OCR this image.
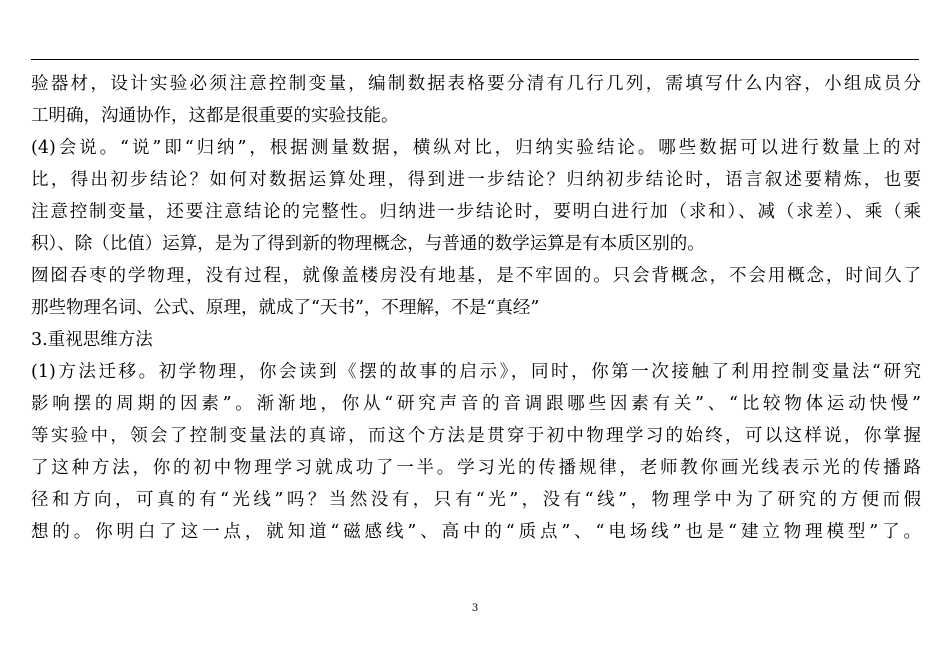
验器材，设计实验必须注意控制变量，编制数据表格要分清有几行几列，需填写什么内容，小组成员分
工明确，沟通协作，这都是很重要的实验技能。
(4)会说。“说”即“归纳”，根据测量数据，横纵对比，归纳实验结论。哪些数据可以进行数量上的对
比，得出初步结论？如何对数据运算处理，得到进一步结论？归纳初步结论时，语言叙述要精炼，也要
注意控制变量，还要注意结论的完整性。归纳进一步结论时，要明白进行加（求和）、减（求差）、乘（乘
积）、除（比值）运算，是为了得到新的物理概念，与普通的数学运算是有本质区别的。
囫囵吞枣的学物理，没有过程，就像盖楼房没有地基，是不牢固的。只会背概念，不会用概念，时间久了
那些物理名词、公式、原理，就成了“天书”，不理解，不是“真经”
3.重视思维方法
(1)方法迁移。初学物理，你会读到《摆的故事的启示》，同时，你第一次接触了利用控制变量法“研究
影响摆的周期的因素”。渐渐地，你从“研究声音的音调跟哪些因素有关”、“比较物体运动快慢”
等实验中，领会了控制变量法的真谛，而这个方法是贯穿于初中物理学习的始终，可以这样说，你掌握
了这种方法，你的初中物理学习就成功了一半。学习光的传播规律，老师教你画光线表示光的传播路
径和方向，可真的有“光线”吗？当然没有，只有“光”，没有“线”，物理学中为了研究的方便而假
想的。你明白了这一点，就知道“磁感线”、高中的“质点”、“电场线”也是“建立物理模型”了。
3
